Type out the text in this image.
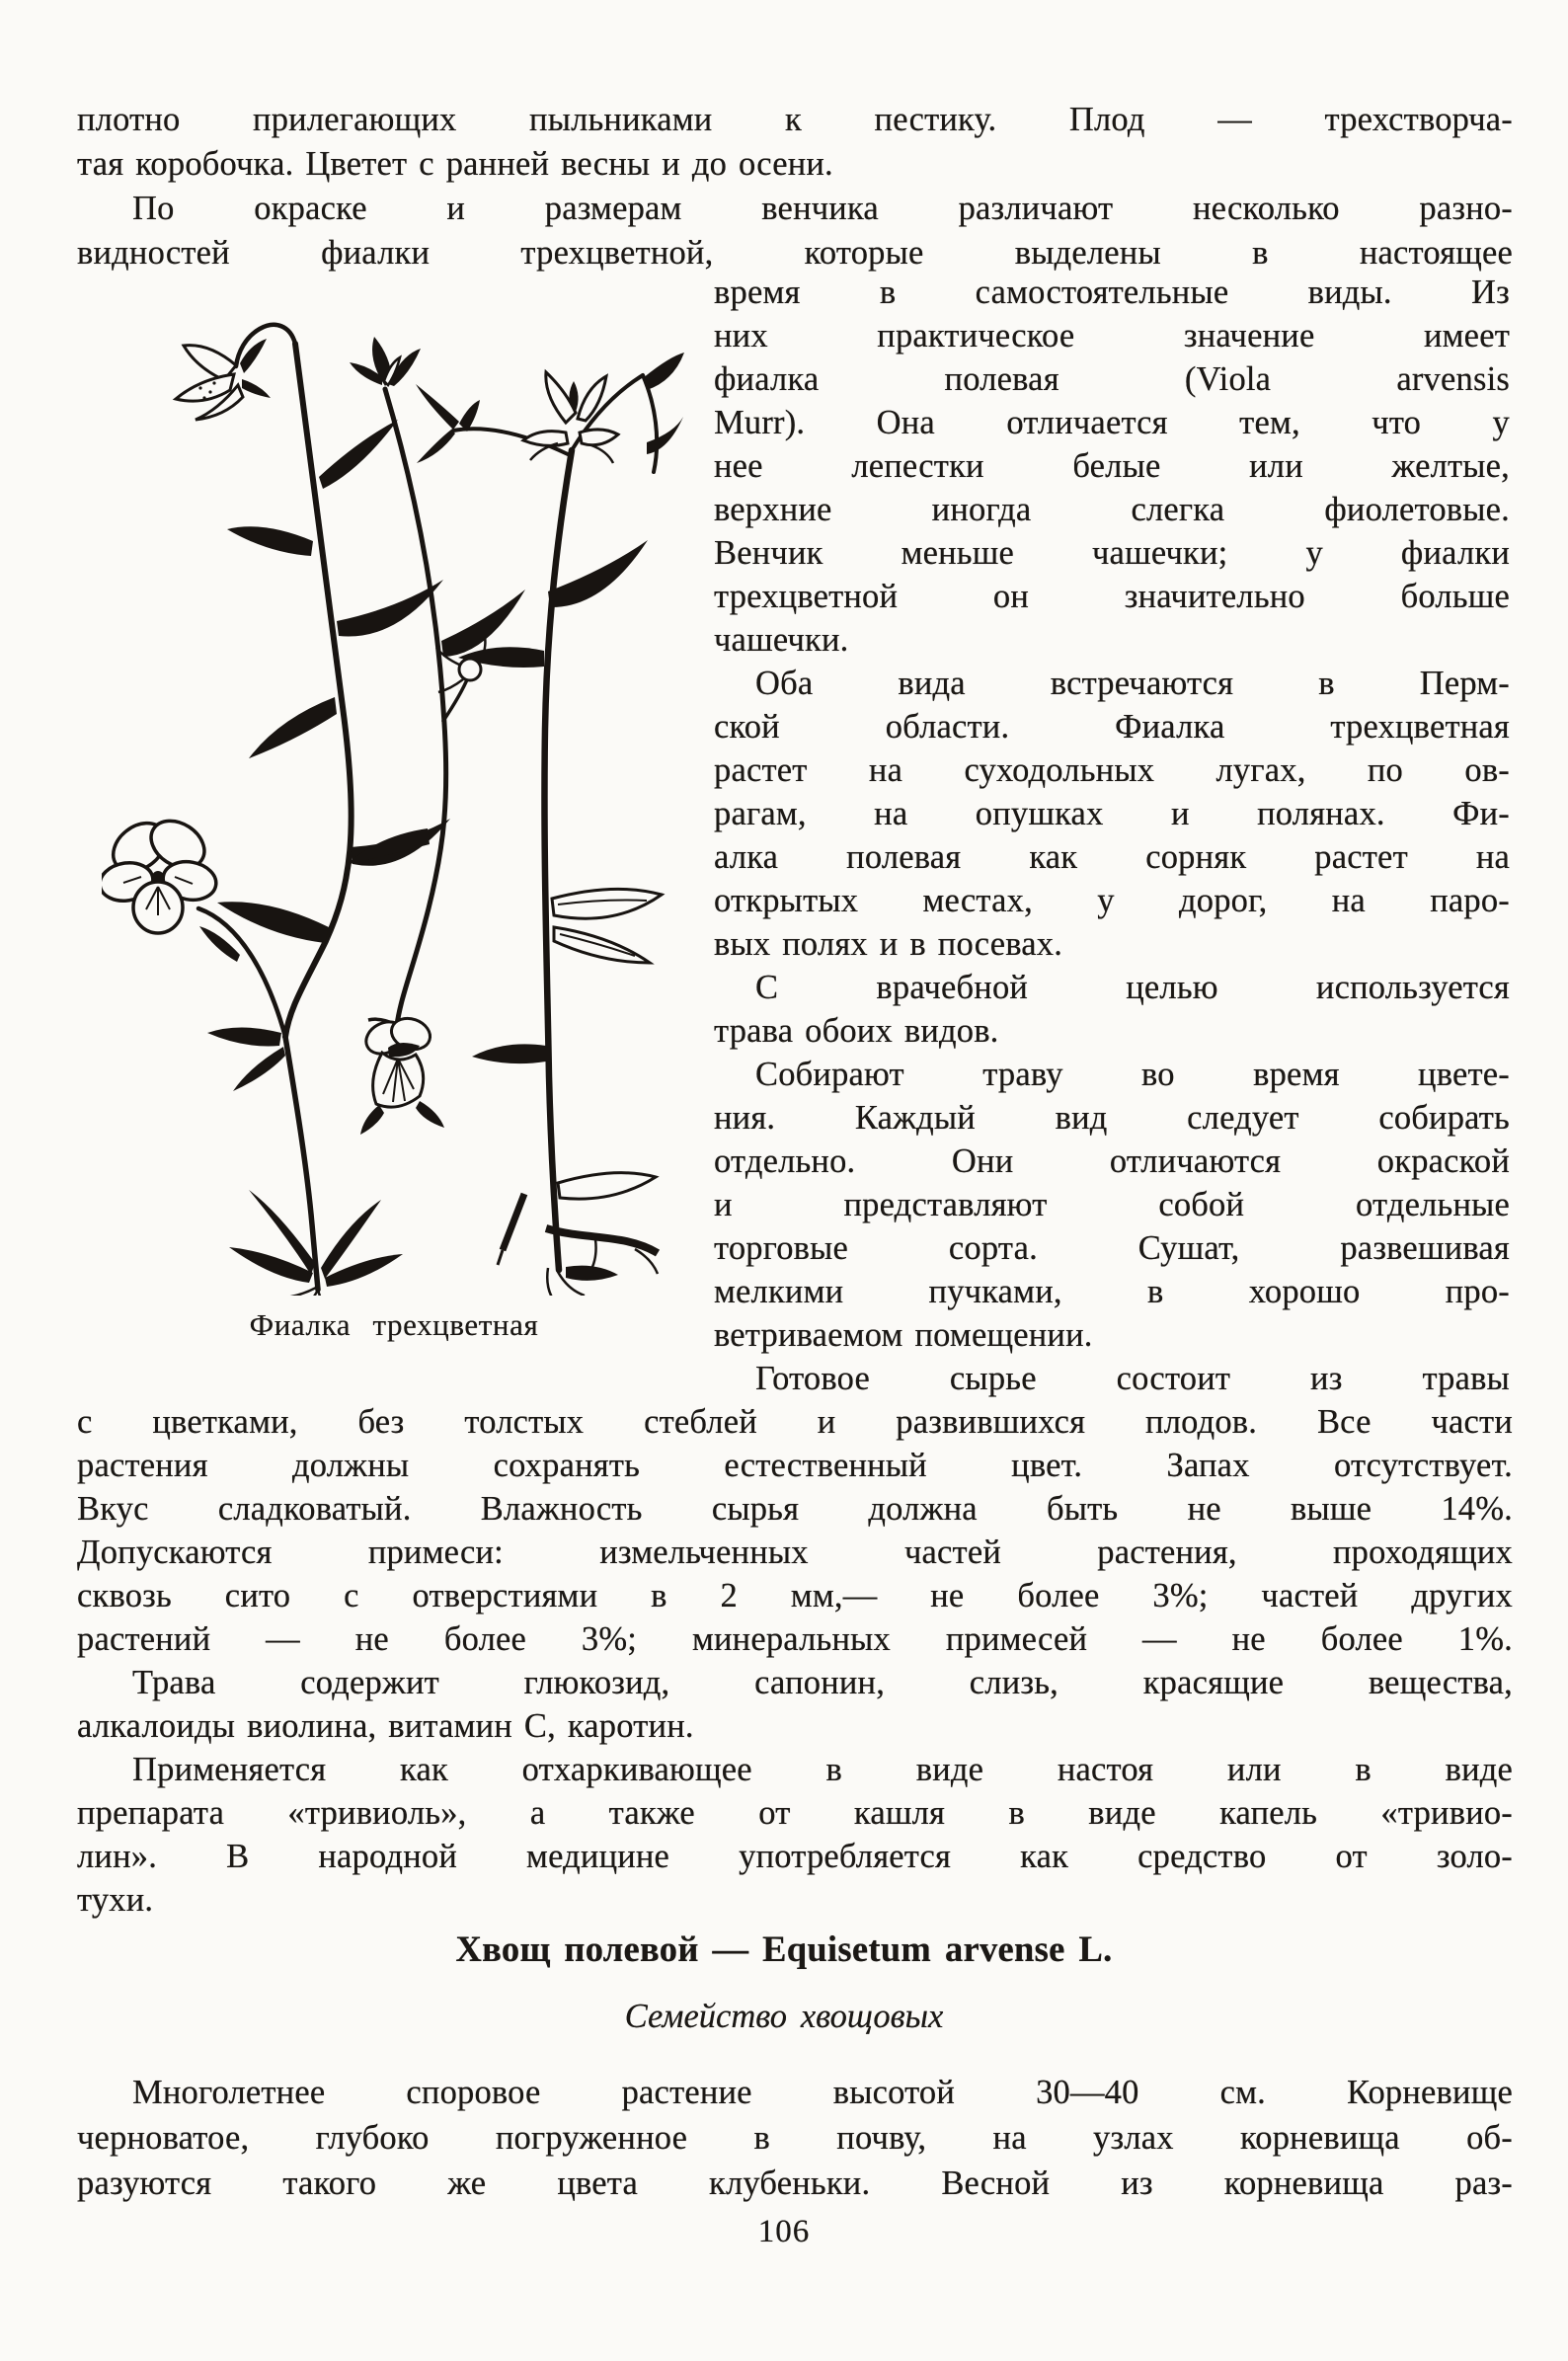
плотно прилегающих пыльниками к пестику. Плод — трехстворча-
тая коробочка. Цветет с ранней весны и до осени.
По окраске и размерам венчика различают несколько разно-
видностей фиалки трехцветной, которые выделены в настоящее
Фиалка трехцветная
время в самостоятельные виды. Из
них практическое значение имеет
фиалка полевая (Viola arvensis
Murr). Она отличается тем, что у
нее лепестки белые или желтые,
верхние иногда слегка фиолетовые.
Венчик меньше чашечки; у фиалки
трехцветной он значительно больше
чашечки.
Оба вида встречаются в Перм-
ской области. Фиалка трехцветная
растет на суходольных лугах, по ов-
рагам, на опушках и полянах. Фи-
алка полевая как сорняк растет на
открытых местах, у дорог, на паро-
вых полях и в посевах.
С врачебной целью используется
трава обоих видов.
Собирают траву во время цвете-
ния. Каждый вид следует собирать
отдельно. Они отличаются окраской
и представляют собой отдельные
торговые сорта. Сушат, развешивая
мелкими пучками, в хорошо про-
ветриваемом помещении.
Готовое сырье состоит из травы
с цветками, без толстых стеблей и развившихся плодов. Все части
растения должны сохранять естественный цвет. Запах отсутствует.
Вкус сладковатый. Влажность сырья должна быть не выше 14%.
Допускаются примеси: измельченных частей растения, проходящих
сквозь сито с отверстиями в 2 мм,— не более 3%; частей других
растений — не более 3%; минеральных примесей — не более 1%.
Трава содержит глюкозид, сапонин, слизь, красящие вещества,
алкалоиды виолина, витамин С, каротин.
Применяется как отхаркивающее в виде настоя или в виде
препарата «тривиоль», а также от кашля в виде капель «тривио-
лин». В народной медицине употребляется как средство от золо-
тухи.
Хвощ полевой — Equisetum arvense L.
Семейство хвощовых
Многолетнее споровое растение высотой 30—40 см. Корневище
черноватое, глубоко погруженное в почву, на узлах корневища об-
разуются такого же цвета клубеньки. Весной из корневища раз-
106
